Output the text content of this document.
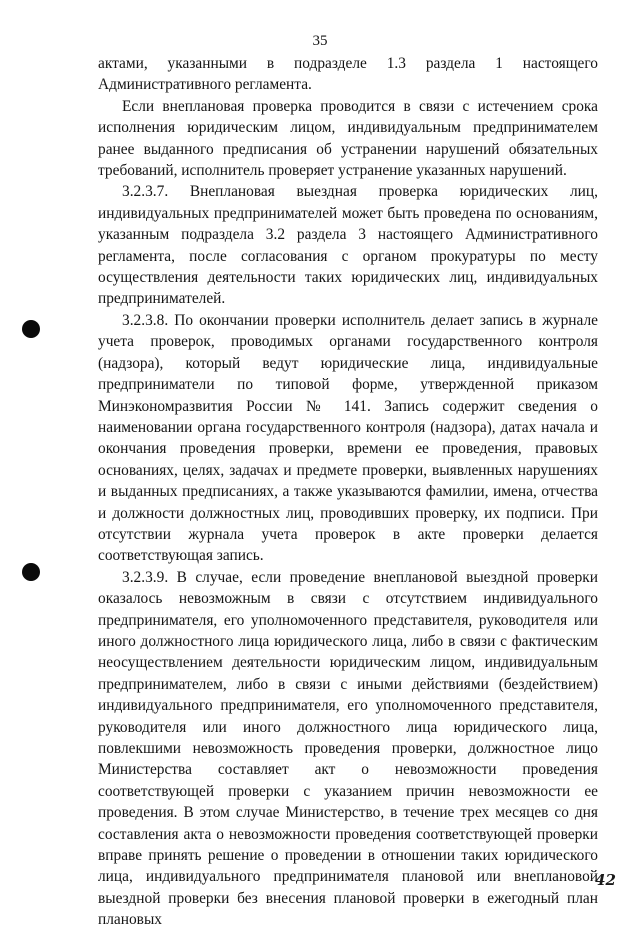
35

актами, указанными в подразделе 1.3 раздела 1 настоящего Административного регламента.

Если внеплановая проверка проводится в связи с истечением срока исполнения юридическим лицом, индивидуальным предпринимателем ранее выданного предписания об устранении нарушений обязательных требований, исполнитель проверяет устранение указанных нарушений.

3.2.3.7. Внеплановая выездная проверка юридических лиц, индивидуальных предпринимателей может быть проведена по основаниям, указанным подраздела 3.2 раздела 3 настоящего Административного регламента, после согласования с органом прокуратуры по месту осуществления деятельности таких юридических лиц, индивидуальных предпринимателей.

3.2.3.8. По окончании проверки исполнитель делает запись в журнале учета проверок, проводимых органами государственного контроля (надзора), который ведут юридические лица, индивидуальные предприниматели по типовой форме, утвержденной приказом Минэкономразвития России № 141. Запись содержит сведения о наименовании органа государственного контроля (надзора), датах начала и окончания проведения проверки, времени ее проведения, правовых основаниях, целях, задачах и предмете проверки, выявленных нарушениях и выданных предписаниях, а также указываются фамилии, имена, отчества и должности должностных лиц, проводивших проверку, их подписи. При отсутствии журнала учета проверок в акте проверки делается соответствующая запись.

3.2.3.9. В случае, если проведение внеплановой выездной проверки оказалось невозможным в связи с отсутствием индивидуального предпринимателя, его уполномоченного представителя, руководителя или иного должностного лица юридического лица, либо в связи с фактическим неосуществлением деятельности юридическим лицом, индивидуальным предпринимателем, либо в связи с иными действиями (бездействием) индивидуального предпринимателя, его уполномоченного представителя, руководителя или иного должностного лица юридического лица, повлекшими невозможность проведения проверки, должностное лицо Министерства составляет акт о невозможности проведения соответствующей проверки с указанием причин невозможности ее проведения. В этом случае Министерство, в течение трех месяцев со дня составления акта о невозможности проведения соответствующей проверки вправе принять решение о проведении в отношении таких юридического лица, индивидуального предпринимателя плановой или внеплановой выездной проверки без внесения плановой проверки в ежегодный план плановых

42
